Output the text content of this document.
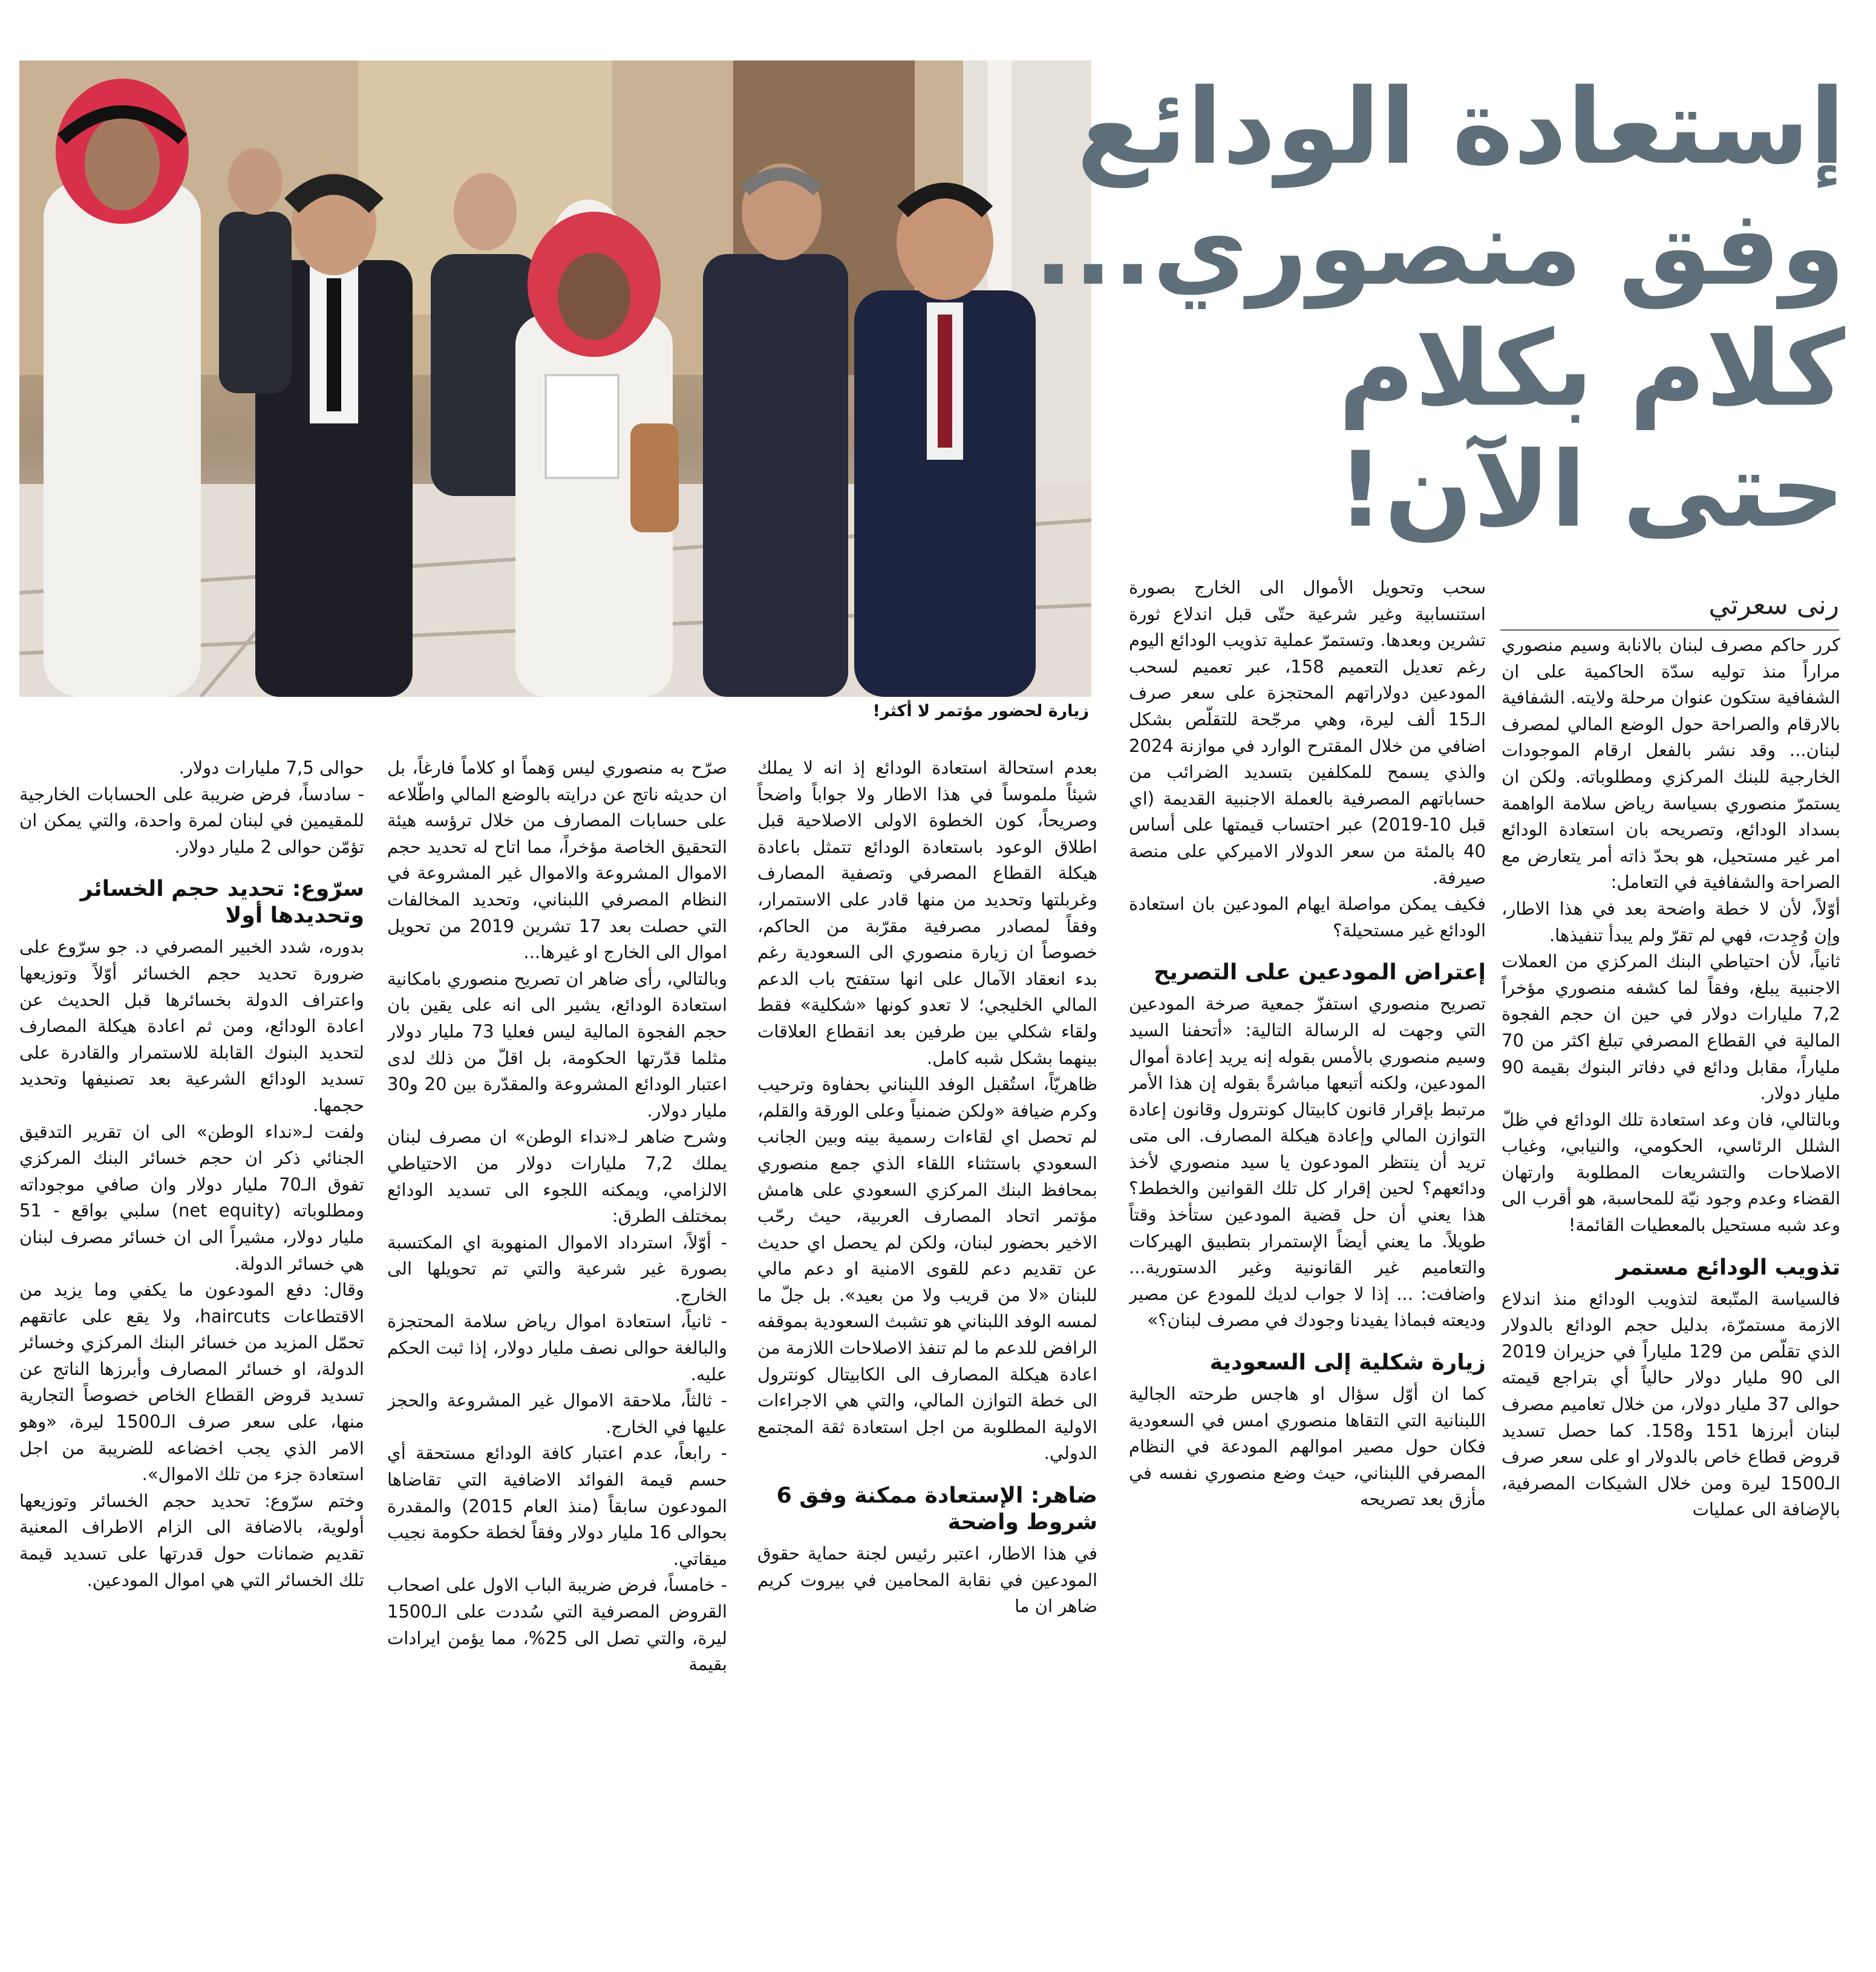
زيارة لحضور مؤتمر لا أكثر!
إستعادة الودائع
وفق منصوري...
كلام بكلام
حتى الآن!
رنى سعرتي

كرر حاكم مصرف لبنان بالانابة وسيم منصوري مراراً منذ توليه سدّة الحاكمية على ان الشفافية ستكون عنوان مرحلة ولايته. الشفافية بالارقام والصراحة حول الوضع المالي لمصرف لبنان... وقد نشر بالفعل ارقام الموجودات الخارجية للبنك المركزي ومطلوباته. ولكن ان يستمرّ منصوري بسياسة رياض سلامة الواهمة بسداد الودائع، وتصريحه بان استعادة الودائع امر غير مستحيل، هو بحدّ ذاته أمر يتعارض مع الصراحة والشفافية في التعامل:

أوّلاً، لأن لا خطة واضحة بعد في هذا الاطار، وإن وُجِدت، فهي لم تقرّ ولم يبدأ تنفيذها.

ثانياً، لأن احتياطي البنك المركزي من العملات الاجنبية يبلغ، وفقاً لما كشفه منصوري مؤخراً 7,2 مليارات دولار في حين ان حجم الفجوة المالية في القطاع المصرفي تبلغ اكثر من 70 ملياراً، مقابل ودائع في دفاتر البنوك بقيمة 90 مليار دولار.

وبالتالي، فان وعد استعادة تلك الودائع في ظلّ الشلل الرئاسي، الحكومي، والنيابي، وغياب الاصلاحات والتشريعات المطلوبة وارتهان القضاء وعدم وجود نيّة للمحاسبة، هو أقرب الى وعد شبه مستحيل بالمعطيات القائمة!

تذويب الودائع مستمر

فالسياسة المتّبعة لتذويب الودائع منذ اندلاع الازمة مستمرّة، بدليل حجم الودائع بالدولار الذي تقلّص من 129 ملياراً في حزيران 2019 الى 90 مليار دولار حالياً أي بتراجع قيمته حوالى 37 مليار دولار، من خلال تعاميم مصرف لبنان أبرزها 151 و158. كما حصل تسديد قروض قطاع خاص بالدولار او على سعر صرف الـ1500 ليرة ومن خلال الشيكات المصرفية، بالإضافة الى عمليات

سحب وتحويل الأموال الى الخارج بصورة استنسابية وغير شرعية حتّى قبل اندلاع ثورة تشرين وبعدها. وتستمرّ عملية تذويب الودائع اليوم رغم تعديل التعميم 158، عبر تعميم لسحب المودعين دولاراتهم المحتجزة على سعر صرف الـ15 ألف ليرة، وهي مرجّحة للتقلّص بشكل اضافي من خلال المقترح الوارد في موازنة 2024 والذي يسمح للمكلفين بتسديد الضرائب من حساباتهم المصرفية بالعملة الاجنبية القديمة (اي قبل 10-2019) عبر احتساب قيمتها على أساس 40 بالمئة من سعر الدولار الاميركي على منصة صيرفة.

فكيف يمكن مواصلة ايهام المودعين بان استعادة الودائع غير مستحيلة؟

إعتراض المودعين على التصريح

تصريح منصوري استفزّ جمعية صرخة المودعين التي وجهت له الرسالة التالية: «أتحفنا السيد وسيم منصوري بالأمس بقوله إنه يريد إعادة أموال المودعين، ولكنه أتبعها مباشرةً بقوله إن هذا الأمر مرتبط بإقرار قانون كابيتال كونترول وقانون إعادة التوازن المالي وإعادة هيكلة المصارف. الى متى تريد أن ينتظر المودعون يا سيد منصوري لأخذ ودائعهم؟ لحين إقرار كل تلك القوانين والخطط؟ هذا يعني أن حل قضية المودعين ستأخذ وقتاً طويلاً. ما يعني أيضاً الإستمرار بتطبيق الهيركات والتعاميم غير القانونية وغير الدستورية... واضافت: ... إذا لا جواب لديك للمودع عن مصير وديعته فبماذا يفيدنا وجودك في مصرف لبنان؟»

زيارة شكلية إلى السعودية

كما ان أوّل سؤال او هاجس طرحته الجالية اللبنانية التي التقاها منصوري امس في السعودية فكان حول مصير اموالهم المودعة في النظام المصرفي اللبناني، حيث وضع منصوري نفسه في مأزق بعد تصريحه

بعدم استحالة استعادة الودائع إذ انه لا يملك شيئاً ملموساً في هذا الاطار ولا جواباً واضحاً وصريحاً، كون الخطوة الاولى الاصلاحية قبل اطلاق الوعود باستعادة الودائع تتمثل باعادة هيكلة القطاع المصرفي وتصفية المصارف وغربلتها وتحديد من منها قادر على الاستمرار، وفقاً لمصادر مصرفية مقرّبة من الحاكم، خصوصاً ان زيارة منصوري الى السعودية رغم بدء انعقاد الآمال على انها ستفتح باب الدعم المالي الخليجي؛ لا تعدو كونها «شكلية» فقط ولقاء شكلي بين طرفين بعد انقطاع العلاقات بينهما بشكل شبه كامل.

ظاهريّاً، استُقبل الوفد اللبناني بحفاوة وترحيب وكرم ضيافة «ولكن ضمنياً وعلى الورقة والقلم، لم تحصل اي لقاءات رسمية بينه وبين الجانب السعودي باستثناء اللقاء الذي جمع منصوري بمحافظ البنك المركزي السعودي على هامش مؤتمر اتحاد المصارف العربية، حيث رحّب الاخير بحضور لبنان، ولكن لم يحصل اي حديث عن تقديم دعم للقوى الامنية او دعم مالي للبنان «لا من قريب ولا من بعيد». بل جلّ ما لمسه الوفد اللبناني هو تشبث السعودية بموقفه الرافض للدعم ما لم تنفذ الاصلاحات اللازمة من اعادة هيكلة المصارف الى الكابيتال كونترول الى خطة التوازن المالي، والتي هي الاجراءات الاولية المطلوبة من اجل استعادة ثقة المجتمع الدولي.

ضاهر: الإستعادة ممكنة وفق 6 شروط واضحة

في هذا الاطار، اعتبر رئيس لجنة حماية حقوق المودعين في نقابة المحامين في بيروت كريم ضاهر ان ما

صرّح به منصوري ليس وَهماً او كلاماً فارغاً، بل ان حديثه ناتج عن درايته بالوضع المالي واطّلاعه على حسابات المصارف من خلال ترؤسه هيئة التحقيق الخاصة مؤخراً، مما اتاح له تحديد حجم الاموال المشروعة والاموال غير المشروعة في النظام المصرفي اللبناني، وتحديد المخالفات التي حصلت بعد 17 تشرين 2019 من تحويل اموال الى الخارج او غيرها...

وبالتالي، رأى ضاهر ان تصريح منصوري بامكانية استعادة الودائع، يشير الى انه على يقين بان حجم الفجوة المالية ليس فعليا 73 مليار دولار مثلما قدّرتها الحكومة، بل اقلّ من ذلك لدى اعتبار الودائع المشروعة والمقدّرة بين 20 و30 مليار دولار.

وشرح ضاهر لـ«نداء الوطن» ان مصرف لبنان يملك 7,2 مليارات دولار من الاحتياطي الالزامي، ويمكنه اللجوء الى تسديد الودائع بمختلف الطرق:

- أوّلاً، استرداد الاموال المنهوبة اي المكتسبة بصورة غير شرعية والتي تم تحويلها الى الخارج.

- ثانياً، استعادة اموال رياض سلامة المحتجزة والبالغة حوالى نصف مليار دولار، إذا ثبت الحكم عليه.

- ثالثاً، ملاحقة الاموال غير المشروعة والحجز عليها في الخارج.

- رابعاً، عدم اعتبار كافة الودائع مستحقة أي حسم قيمة الفوائد الاضافية التي تقاضاها المودعون سابقاً (منذ العام 2015) والمقدرة بحوالى 16 مليار دولار وفقاً لخطة حكومة نجيب ميقاتي.

- خامساً، فرض ضريبة الباب الاول على اصحاب القروض المصرفية التي سُددت على الـ1500 ليرة، والتي تصل الى 25%، مما يؤمن ايرادات بقيمة

حوالى 7,5 مليارات دولار.

- سادساً، فرض ضريبة على الحسابات الخارجية للمقيمين في لبنان لمرة واحدة، والتي يمكن ان تؤمّن حوالى 2 مليار دولار.

سرّوع: تحديد حجم الخسائر وتحديدها أولا

بدوره، شدد الخبير المصرفي د. جو سرّوع على ضرورة تحديد حجم الخسائر أوّلاً وتوزيعها واعتراف الدولة بخسائرها قبل الحديث عن اعادة الودائع، ومن ثم اعادة هيكلة المصارف لتحديد البنوك القابلة للاستمرار والقادرة على تسديد الودائع الشرعية بعد تصنيفها وتحديد حجمها.

ولفت لـ«نداء الوطن» الى ان تقرير التدقيق الجنائي ذكر ان حجم خسائر البنك المركزي تفوق الـ70 مليار دولار وان صافي موجوداته ومطلوباته (net equity) سلبي بواقع - 51 مليار دولار، مشيراً الى ان خسائر مصرف لبنان هي خسائر الدولة.

وقال: دفع المودعون ما يكفي وما يزيد من الاقتطاعات haircuts، ولا يقع على عاتقهم تحمّل المزيد من خسائر البنك المركزي وخسائر الدولة، او خسائر المصارف وأبرزها الناتج عن تسديد قروض القطاع الخاص خصوصاً التجارية منها، على سعر صرف الـ1500 ليرة، «وهو الامر الذي يجب اخضاعه للضريبة من اجل استعادة جزء من تلك الاموال».

وختم سرّوع: تحديد حجم الخسائر وتوزيعها أولوية، بالاضافة الى الزام الاطراف المعنية تقديم ضمانات حول قدرتها على تسديد قيمة تلك الخسائر التي هي اموال المودعين.
